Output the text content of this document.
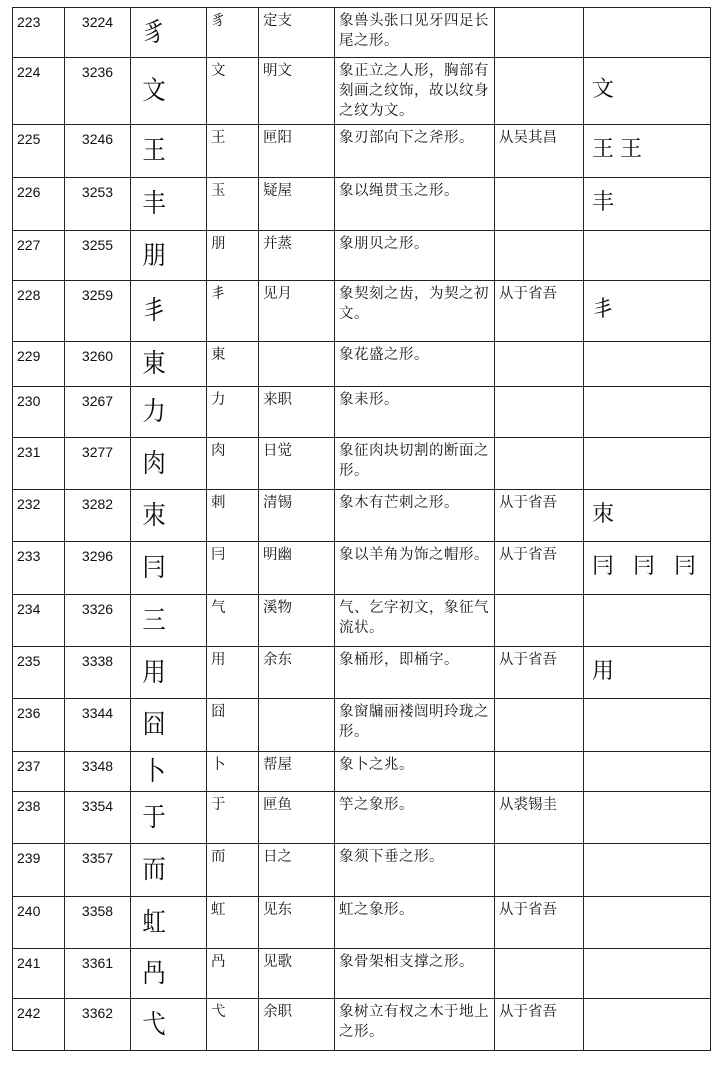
223	3224	豸	豸	定支	象兽头张口见牙四足长尾之形。		
224	3236	文	文	明文	象正立之人形，胸部有刻画之纹饰，故以纹身之纹为文。		文
225	3246	王	王	匣阳	象刃部向下之斧形。	从吴其昌	王王
226	3253	丰	玉	疑屋	象以绳贯玉之形。		丰
227	3255	朋	朋	并蒸	象朋贝之形。		
228	3259	丯	丯	见月	象契刻之齿，为契之初文。	从于省吾	丯
229	3260	東	東		象花盛之形。		
230	3267	力	力	来职	象耒形。		
231	3277	肉	肉	日觉	象征肉块切割的断面之形。		
232	3282	朿	刺	清锡	象木有芒刺之形。	从于省吾	朿
233	3296	冃	冃	明幽	象以羊角为饰之帽形。	从于省吾	冃 冃 冃
234	3326	三	气	溪物	气、乞字初文，象征气流状。		
235	3338	用	用	余东	象桶形，即桶字。	从于省吾	用
236	3344	囧	囧		象窗牖丽褛闿明玲珑之形。		
237	3348	卜	卜	帮屋	象卜之兆。		
238	3354	于	于	匣鱼	竽之象形。	从裘锡圭	
239	3357	而	而	日之	象须下垂之形。		
240	3358	虹	虹	见东	虹之象形。	从于省吾	
241	3361	冎	冎	见歌	象骨架相支撑之形。		
242	3362	弋	弋	余职	象树立有杈之木于地上之形。	从于省吾	
